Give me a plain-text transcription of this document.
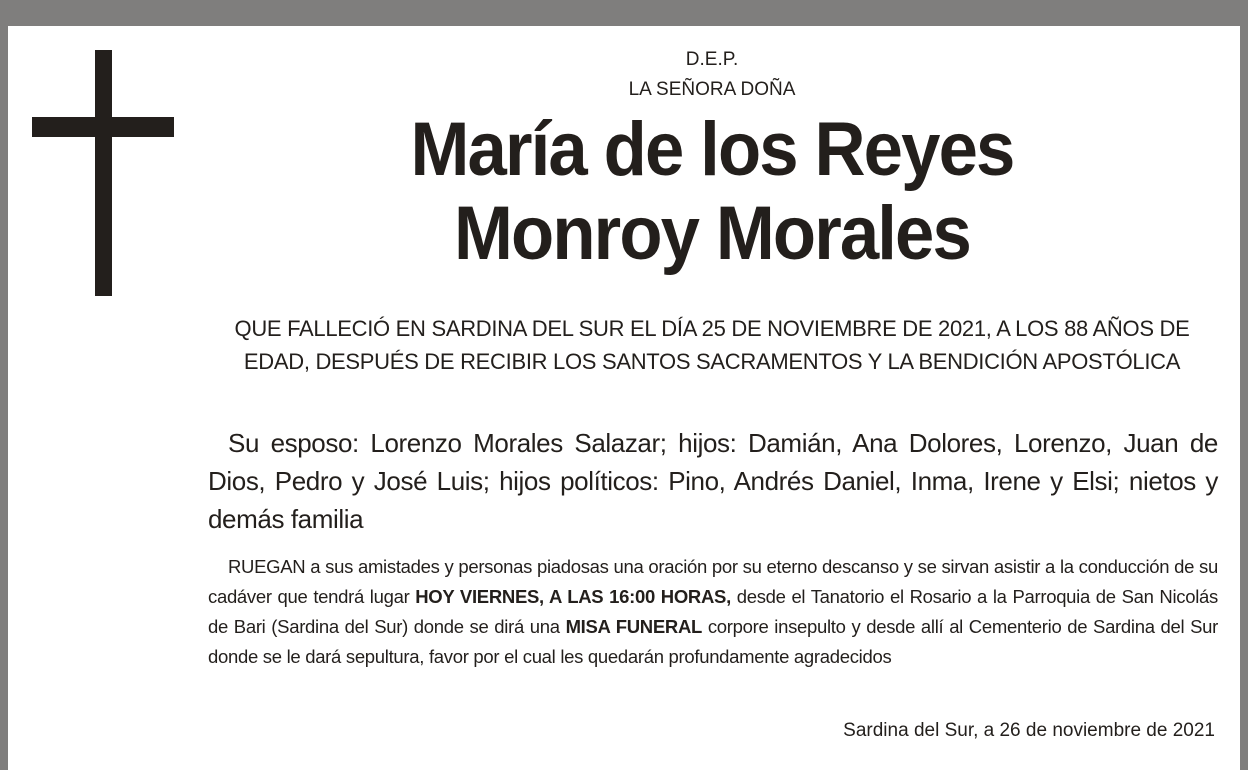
D.E.P.
LA SEÑORA DOÑA
María de los Reyes
Monroy Morales
QUE FALLECIÓ EN SARDINA DEL SUR EL DÍA 25 DE NOVIEMBRE DE 2021, A LOS 88 AÑOS DE EDAD, DESPUÉS DE RECIBIR LOS SANTOS SACRAMENTOS Y LA BENDICIÓN APOSTÓLICA
Su esposo: Lorenzo Morales Salazar; hijos: Damián, Ana Dolores, Lorenzo, Juan de Dios, Pedro y José Luis; hijos políticos: Pino, Andrés Daniel, Inma, Irene y Elsi; nietos y demás familia
RUEGAN a sus amistades y personas piadosas una oración por su eterno descanso y se sirvan asistir a la conducción de su cadáver que tendrá lugar HOY VIERNES, A LAS 16:00 HORAS, desde el Tanatorio el Rosario a la Parroquia de San Nicolás de Bari (Sardina del Sur) donde se dirá una MISA FUNERAL corpore insepulto y desde allí al Cementerio de Sardina del Sur donde se le dará sepultura, favor por el cual les quedarán profundamente agradecidos
Sardina del Sur, a 26 de noviembre de 2021
